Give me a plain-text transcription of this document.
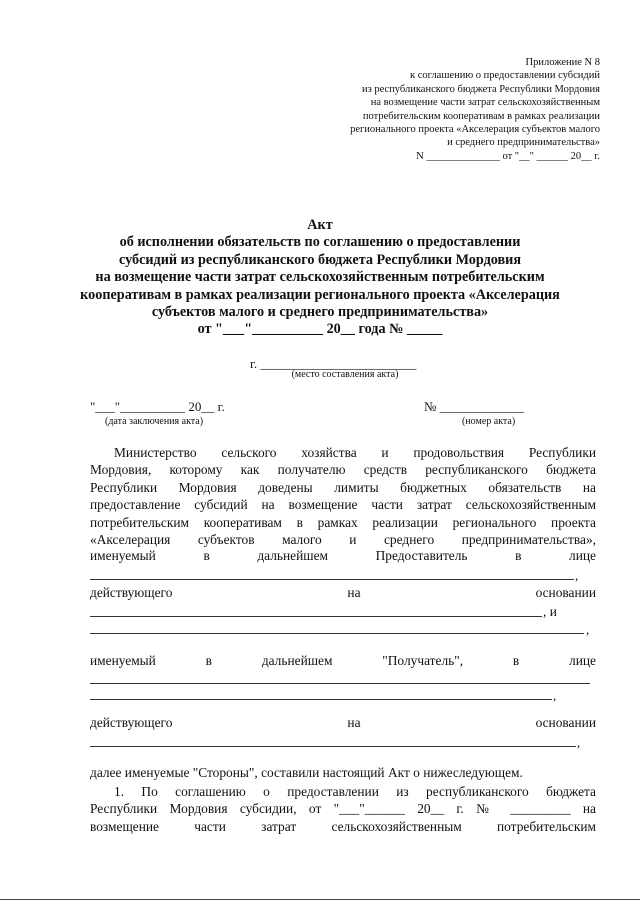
Приложение N 8
к соглашению о предоставлении субсидий
из республиканского бюджета Республики Мордовия
на возмещение части затрат сельскохозяйственным
потребительским кооперативам в рамках реализации
регионального проекта «Акселерация субъектов малого
и среднего предпринимательства»
N ______________ от "__" ______ 20__ г.
Акт
об исполнении обязательств по соглашению о предоставлении
субсидий из республиканского бюджета Республики Мордовия
на возмещение части затрат сельскохозяйственным потребительским
кооперативам в рамках реализации регионального проекта «Акселерация
субъектов малого и среднего предпринимательства»
от "___"__________ 20__ года № _____
г. ________________________
(место составления акта)
"___"__________ 20__ г.
(дата заключения акта)
№ _____________
(номер акта)
Министерство сельского хозяйства и продовольствия Республики
Мордовия, которому как получателю средств республиканского бюджета
Республики Мордовия доведены лимиты бюджетных обязательств на
предоставление субсидий на возмещение части затрат сельскохозяйственным
потребительским кооперативам в рамках реализации регионального проекта
«Акселерация субъектов малого и среднего предпринимательства»,
именуемый	в	дальнейшем	Предоставитель	в	лице
,
действующего	на	основании
, и
,
именуемый	в	дальнейшем	"Получатель",	в	лице
,
действующего	на	основании
,
далее именуемые "Стороны", составили настоящий Акт о нижеследующем.
1. По соглашению о предоставлении из республиканского бюджета
Республики Мордовия субсидии, от "___"______ 20__ г. № _________ на
возмещение части затрат сельскохозяйственным потребительским
